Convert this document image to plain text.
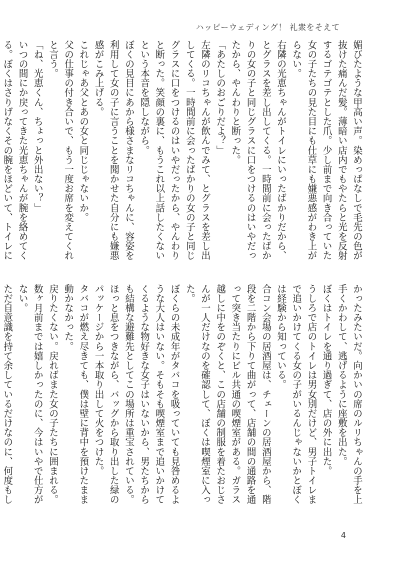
ハッピーウェディング！ 礼衆をそえて

媚びたような甲高い声。染めっぱなしで毛先の色が抜けた痛んだ髪。薄暗い店内でもやたらと光を反射するゴテゴテとした爪。少し前まで向き合っていた女の子たちの見た目にも仕草にも嫌悪感がわき上がらない。

右隣の光恵ちゃんがトイレにいったばかりだから、とグラスを差し出してくる。一時間前に会ったばかりの女の子と同じグラスに口をつけるのはいやだったから、やんわりと断った。

「あたしのおごりだよ？」

左隣のリコちゃんが飲んでみて、とグラスを差し出してくる。一時間前に会ったばかりの女の子と同じグラスに口をつけるのはいやだったから、やんわりと断った。笑顔の裏に、もうこれ以上話したくないという本音を隠しながら。

ぼくの見目にあから様さまなリコちゃんに、容姿を利用して女の子に言うことを聞かせた自分にも嫌悪感がこみ上げる。

これじゃあ父とあの女と同じじゃないか。

父の仕事の付き合いで、もう一度お席を変えてくれと言う。

「ね、光恵くん、ちょっと外出ない？」

いつの間にか戻ってきた光恵ちゃんが腕を絡めてくる。ぼくはさりげなくその腕をほどいて、トイレに

かったみたいだ。向かいの席のルリちゃんの手を上手くかわして、逃げるように座敷を出た。

ぼくはトイレを通り過ぎて、店の外に出た。

うしろで店のトイレは男女別だけど、男子トイレまで追いかけてくる女の子がいるんじゃないかとぼくは経験から知っている。

合コン会場の居酒屋は、チェーンの居酒屋から、階段を二階から下りて曲がって、店舗の間の通路を通って突き当たりにビル共通の喫煙室がある。ガラス越しに中をのぞくと、この店舗の制服を着たおじさんが一人だけなのを確認して、ぼくは喫煙室に入った。

ぼくらの未成年がタバコを吸っていても見咎めるような大人はいない。そもそも喫煙室まで追いかけてくるような物好きな女子はいないから、男たちからも結構な避難先としてこの場所は重宝されている。

ほっと息をつきながら、バッグから取り出した緑のパッケージから一本取り出して火をつけた。

タバコが燃え尽きても、僕は壁に背中を預けたまま動かなかった。

戻りたくない。戻ればまた女の子たちに囲まれる。数ヶ月前までは嬉しかったのに、今はいやで仕方がない。

ただ自意識を持て余しているだけなのに、何度もし

4
